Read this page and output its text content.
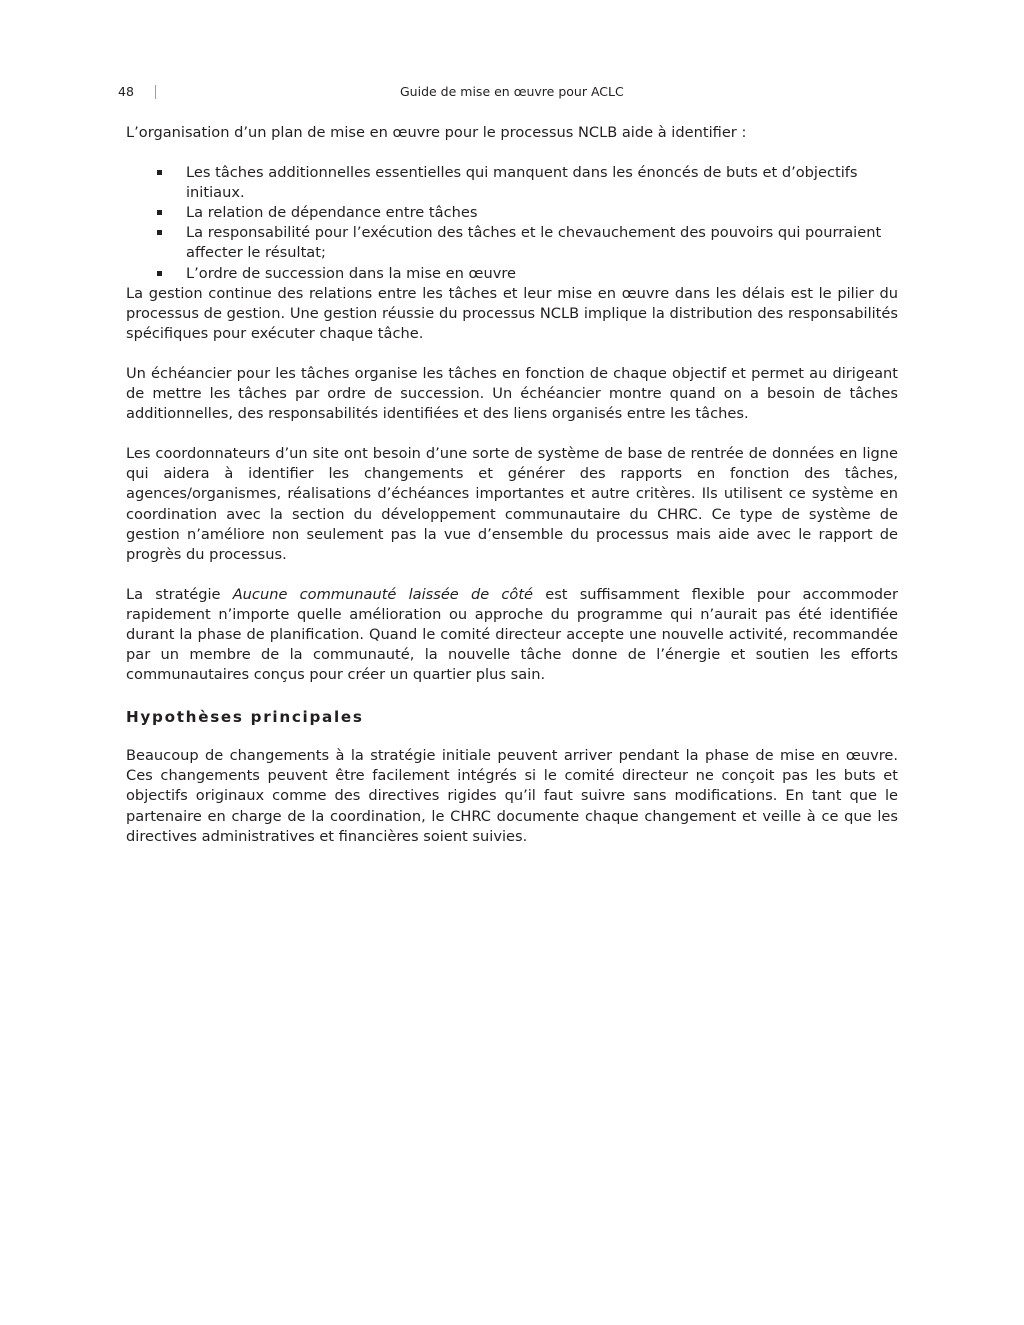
48	Guide de mise en œuvre pour ACLC

L’organisation d’un plan de mise en œuvre pour le processus NCLB aide à identifier :

Les tâches additionnelles essentielles qui manquent dans les énoncés de buts et d’objectifs initiaux.
La relation de dépendance entre tâches
La responsabilité pour l’exécution des tâches et le chevauchement des pouvoirs qui pourraient affecter le résultat;
L’ordre de succession dans la mise en œuvre

La gestion continue des relations entre les tâches et leur mise en œuvre dans les délais est le pilier du processus de gestion. Une gestion réussie du processus NCLB implique la distribution des responsabilités spécifiques pour exécuter chaque tâche.

Un échéancier pour les tâches organise les tâches en fonction de chaque objectif et permet au dirigeant de mettre les tâches par ordre de succession. Un échéancier montre quand on a besoin de tâches additionnelles, des responsabilités identifiées et des liens organisés entre les tâches.

Les coordonnateurs d’un site ont besoin d’une sorte de système de base de rentrée de données en ligne qui aidera à identifier les changements et générer des rapports en fonction des tâches, agences/organismes, réalisations d’échéances importantes et autre critères. Ils utilisent ce système en coordination avec la section du développement communautaire du CHRC. Ce type de système de gestion n’améliore non seulement pas la vue d’ensemble du processus mais aide avec le rapport de progrès du processus.

La stratégie Aucune communauté laissée de côté est suffisamment flexible pour accommoder rapidement n’importe quelle amélioration ou approche du programme qui n’aurait pas été identifiée durant la phase de planification. Quand le comité directeur accepte une nouvelle activité, recommandée par un membre de la communauté, la nouvelle tâche donne de l’énergie et soutien les efforts communautaires conçus pour créer un quartier plus sain.

Hypothèses principales

Beaucoup de changements à la stratégie initiale peuvent arriver pendant la phase de mise en œuvre. Ces changements peuvent être facilement intégrés si le comité directeur ne conçoit pas les buts et objectifs originaux comme des directives rigides qu’il faut suivre sans modifications. En tant que le partenaire en charge de la coordination, le CHRC documente chaque changement et veille à ce que les directives administratives et financières soient suivies.
